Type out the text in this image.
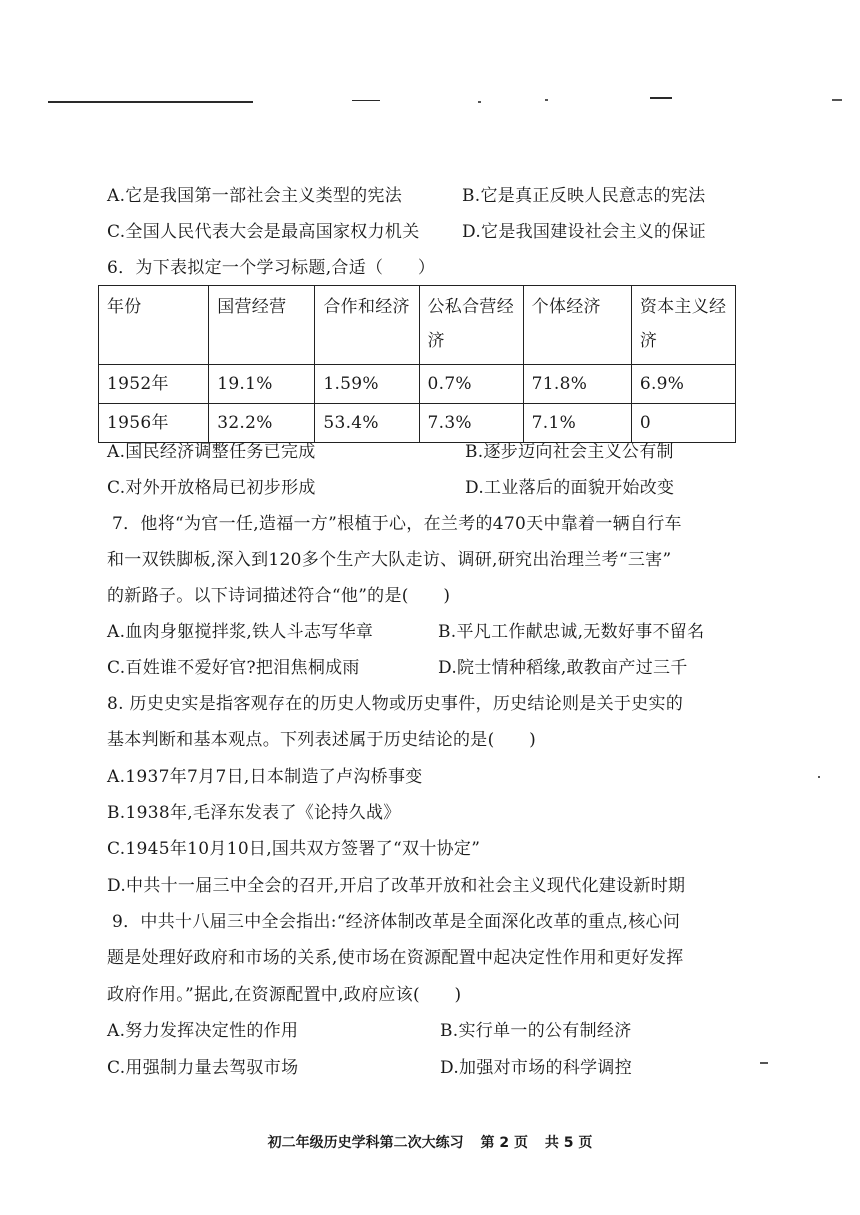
A.它是我国第一部社会主义类型的宪法	B.它是真正反映人民意志的宪法
C.全国人民代表大会是最高国家权力机关 D.它是我国建设社会主义的保证
6．为下表拟定一个学习标题,合适（　　）
年份	国营经营	合作和经济	公私合营经济	个体经济	资本主义经济
1952年	19.1%	1.59%	0.7%	71.8%	6.9%
1956年	32.2%	53.4%	7.3%	7.1%	0
A.国民经济调整任务已完成	B.逐步迈向社会主义公有制
C.对外开放格局已初步形成	D.工业落后的面貌开始改变
7．他将“为官一任,造福一方”根植于心，在兰考的470天中靠着一辆自行车
和一双铁脚板,深入到120多个生产大队走访、调研,研究出治理兰考“三害”
的新路子。以下诗词描述符合“他”的是(　　)
A.血肉身躯搅拌浆,铁人斗志写华章	B.平凡工作献忠诚,无数好事不留名
C.百姓谁不爱好官?把泪焦桐成雨	D.院士情种稻缘,敢教亩产过三千
8. 历史史实是指客观存在的历史人物或历史事件，历史结论则是关于史实的
基本判断和基本观点。下列表述属于历史结论的是(　　)
A.1937年7月7日,日本制造了卢沟桥事变
B.1938年,毛泽东发表了《论持久战》
C.1945年10月10日,国共双方签署了“双十协定”
D.中共十一届三中全会的召开,开启了改革开放和社会主义现代化建设新时期
9．中共十八届三中全会指出:“经济体制改革是全面深化改革的重点,核心问
题是处理好政府和市场的关系,使市场在资源配置中起决定性作用和更好发挥
政府作用。”据此,在资源配置中,政府应该(　　)
A.努力发挥决定性的作用	B.实行单一的公有制经济
C.用强制力量去驾驭市场	D.加强对市场的科学调控
初二年级历史学科第二次大练习 第 2 页 共 5 页
